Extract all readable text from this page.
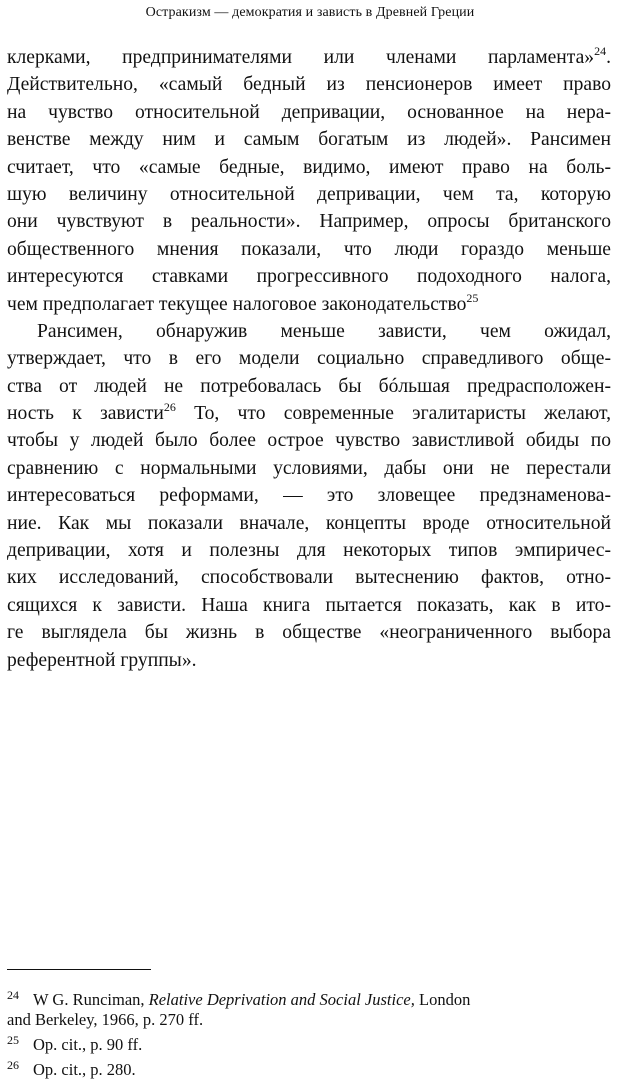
Остракизм — демократия и зависть в Древней Греции
клерками, предпринимателями или членами парламента»$^{24}$.
Действительно, «самый бедный из пенсионеров имеет право
на чувство относительной депривации, основанное на нера-
венстве между ним и самым богатым из людей». Рансимен
считает, что «самые бедные, видимо, имеют право на боль-
шую величину относительной депривации, чем та, которую
они чувствуют в реальности». Например, опросы британского
общественного мнения показали, что люди гораздо меньше
интересуются ставками прогрессивного подоходного налога,
чем предполагает текущее налоговое законодательство$^{25}$
Рансимен, обнаружив меньше зависти, чем ожидал,
утверждает, что в его модели социально справедливого обще-
ства от людей не потребовалась бы бóльшая предрасположен-
ность к зависти$^{26}$ То, что современные эгалитаристы желают,
чтобы у людей было более острое чувство завистливой обиды по
сравнению с нормальными условиями, дабы они не перестали
интересоваться реформами, — это зловещее предзнаменова-
ние. Как мы показали вначале, концепты вроде относительной
депривации, хотя и полезны для некоторых типов эмпиричес-
ких исследований, способствовали вытеснению фактов, отно-
сящихся к зависти. Наша книга пытается показать, как в ито-
ге выглядела бы жизнь в обществе «неограниченного выбора
референтной группы».
24 W G. Runciman, Relative Deprivation and Social Justice, London
and Berkeley, 1966, p. 270 ff.
25 Op. cit., p. 90 ff.
26 Op. cit., p. 280.
